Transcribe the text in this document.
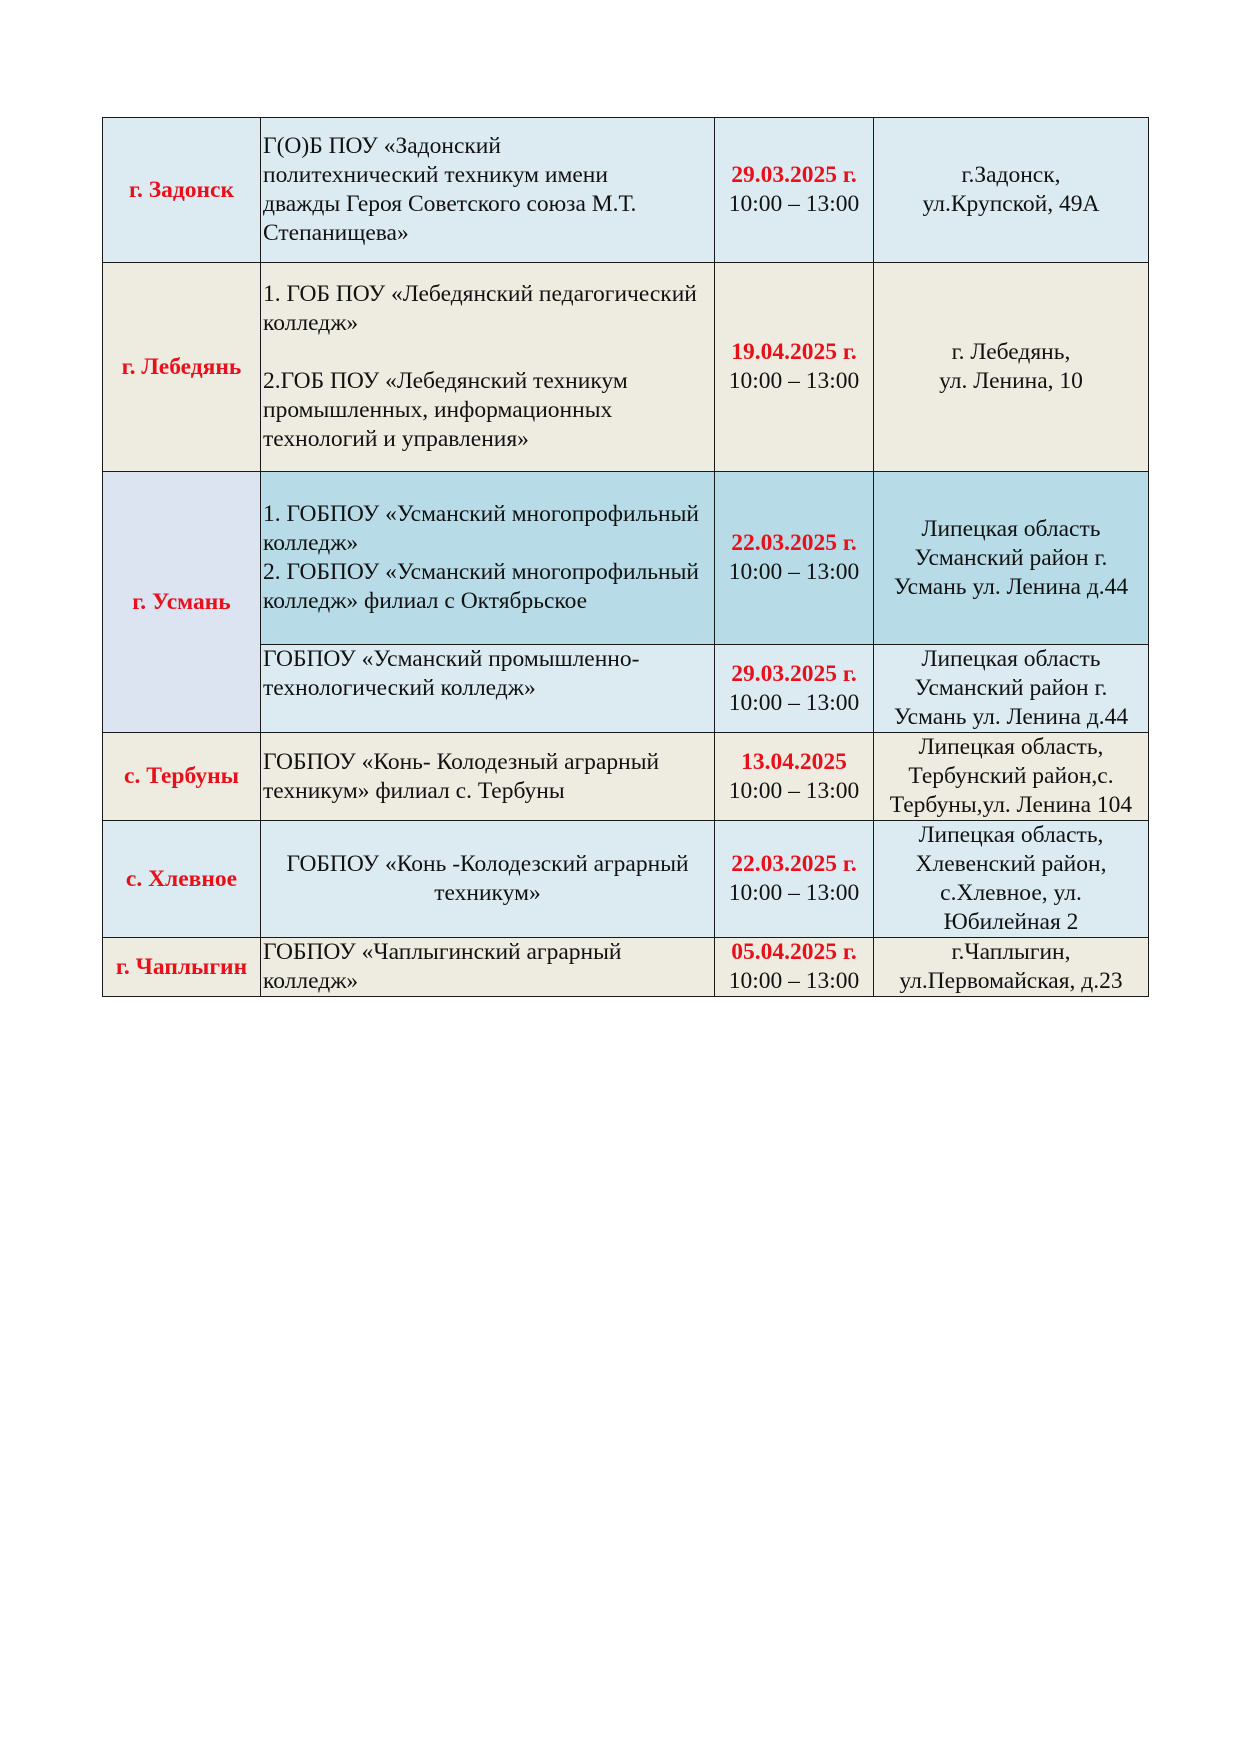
г. Задонск	Г(О)Б ПОУ «Задонский
политехнический техникум имени
дважды Героя Советского союза М.Т.
Степанищева»	29.03.2025 г.
10:00 – 13:00	г.Задонск,
ул.Крупской, 49А

г. Лебедянь	1. ГОБ ПОУ «Лебедянский педагогический колледж»
2.ГОБ ПОУ «Лебедянский техникум промышленных, информационных технологий и управления»	19.04.2025 г.
10:00 – 13:00	г. Лебедянь,
ул. Ленина, 10

г. Усмань	1. ГОБПОУ «Усманский многопрофильный колледж»
2. ГОБПОУ «Усманский многопрофильный колледж» филиал с Октябрьское	22.03.2025 г.
10:00 – 13:00	Липецкая область
Усманский район г.
Усмань ул. Ленина д.44

	ГОБПОУ «Усманский промышленно-технологический колледж»	29.03.2025 г.
10:00 – 13:00	Липецкая область
Усманский район г.
Усмань ул. Ленина д.44

с. Тербуны	ГОБПОУ «Конь- Колодезный аграрный техникум» филиал с. Тербуны	13.04.2025
10:00 – 13:00	Липецкая область,
Тербунский район,с.
Тербуны,ул. Ленина 104

с. Хлевное	ГОБПОУ «Конь -Колодезский аграрный техникум»	22.03.2025 г.
10:00 – 13:00	Липецкая область,
Хлевенский район,
с.Хлевное, ул.
Юбилейная 2

г. Чаплыгин	ГОБПОУ «Чаплыгинский аграрный колледж»	05.04.2025 г.
10:00 – 13:00	г.Чаплыгин,
ул.Первомайская, д.23
